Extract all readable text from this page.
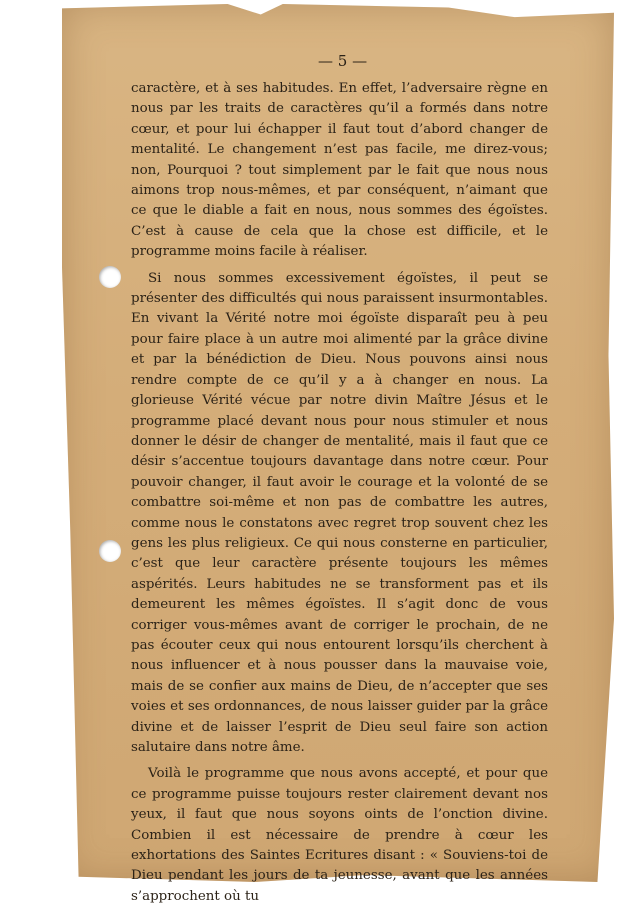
— 5 —

caractère, et à ses habitudes. En effet, l’adversaire règne en nous par les traits de caractères qu’il a formés dans notre cœur, et pour lui échapper il faut tout d’abord changer de mentalité. Le changement n’est pas facile, me direz-vous; non, Pourquoi ? tout simplement par le fait que nous nous aimons trop nous-mêmes, et par conséquent, n’aimant que ce que le diable a fait en nous, nous sommes des égoïstes. C’est à cause de cela que la chose est difficile, et le programme moins facile à réaliser.

Si nous sommes excessivement égoïstes, il peut se présenter des difficultés qui nous paraissent insurmontables. En vivant la Vérité notre moi égoïste disparaît peu à peu pour faire place à un autre moi alimenté par la grâce divine et par la bénédiction de Dieu. Nous pouvons ainsi nous rendre compte de ce qu’il y a à changer en nous. La glorieuse Vérité vécue par notre divin Maître Jésus et le programme placé devant nous pour nous stimuler et nous donner le désir de changer de mentalité, mais il faut que ce désir s’accentue toujours davantage dans notre cœur. Pour pouvoir changer, il faut avoir le courage et la volonté de se combattre soi-même et non pas de combattre les autres, comme nous le constatons avec regret trop souvent chez les gens les plus religieux. Ce qui nous consterne en particulier, c’est que leur caractère présente toujours les mêmes aspérités. Leurs habitudes ne se transforment pas et ils demeurent les mêmes égoïstes. Il s’agit donc de vous corriger vous-mêmes avant de corriger le prochain, de ne pas écouter ceux qui nous entourent lorsqu’ils cherchent à nous influencer et à nous pousser dans la mauvaise voie, mais de se confier aux mains de Dieu, de n’accepter que ses voies et ses ordonnances, de nous laisser guider par la grâce divine et de laisser l’esprit de Dieu seul faire son action salutaire dans notre âme.

Voilà le programme que nous avons accepté, et pour que ce programme puisse toujours rester clairement devant nos yeux, il faut que nous soyons oints de l’onction divine. Combien il est nécessaire de prendre à cœur les exhortations des Saintes Ecritures disant : « Souviens-toi de Dieu pendant les jours de ta jeunesse, avant que les années s’approchent où tu
